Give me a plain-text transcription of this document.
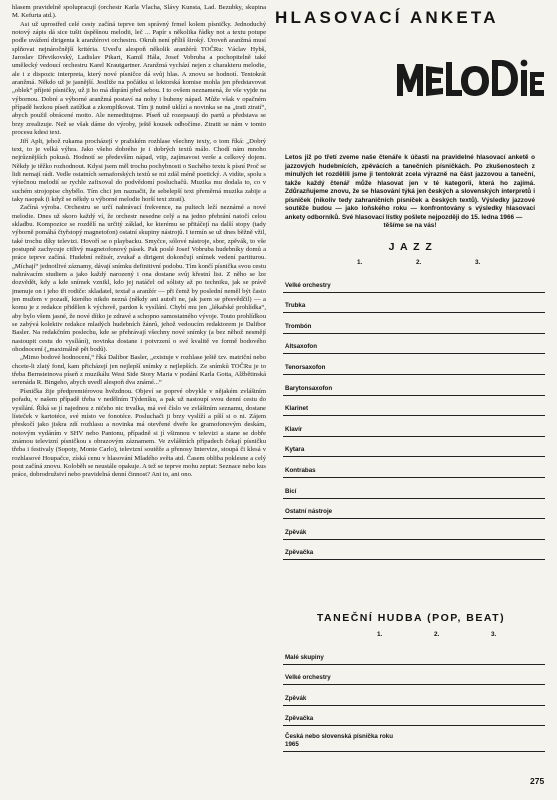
hlasem pravidelně spolupracují (orchestr Karla Vlacha, Slávy Kunsta, Lad. Bezubky, skupina M. Kefurta atd.).

Asi už uprostřed celé cesty začíná teprve ten správný frmel kolem písničky. Jednoduchý notový zápis dá sice tušit úspěšnou melodii, leč ... Papír s několika řádky not a textu potupe podle uvážení dirigenta k aranžérovi orchestru. Okruh není příliš široký. Úroveň aranžmá musí splňovat nejnáročnější kritéria. Uveďu alespoň několik aranžérů TOČRu: Václav Hybš, Jaroslav Dřevikovský, Ladislav Pikart, Kamil Hála, Josef Vobruba a pochopitelně také umělecký vedoucí orchestru Karel Krautgartner. Aranžmá vychází nejen z charakteru melodie, ale i z dispozic interpreta, který nové písničce dá svůj hlas. A znovu se hodnotí. Tentokrát aranžmá. Někdo už je jasnější. Jestliže na počátku si lektorská komise mohla jen představovat „oblek“ příjeté písničky, už ji ho má díqrání před sebou. I to ovšem neznamená, že vše vyjde na výbornou. Dobré a výborné aranžmá postaví na nohy i bubeny nápad. Může však v opačném případě hezkou píseň zatížkat a zkomplikovat. Tím ji nutně uklízí a novinka se na „trati ztratí“, abych použil obrácené motto. Ale nemeditujme. Píseň už rozepsaují do partů a představa se brzy zrealizuje. Než se však dáme do výroby, ještě kousek odbočíme. Ztratit se nám v tomto procesu kdesi text.

Jiří Aplt, jehož rukama procházejí v pražském rozhlase všechny texty, o tom říká: „Dobrý text, to je velká výhra. Jako všeho dobrého je i dobrých textů málo. Chodí nám mnoho nejrůznějších pokusů. Hodnotí se především nápad, vtip, zajímavost verše a celkový dojem. Někdy je těžko rozhodnout. Kdysi jsem měl trochu pochybnosti o Suchého textu k písní Proč se lidi nemají rádi. Vedle ostatních semaforských textů se mi zdál méně poetický. A vidíte, spolu s výtečnou melodií se rychle zafixoval do podvědomí posluchačů. Muzika mu dodala to, co v suchém strojopise chybělo. Tím chci jen naznačit, že sebelepší text přeměrná muzika zabije a taky naopak (i když se někdy u výborné melodie horší text ztratí).

Začíná výroba. Orchestru se určí nahrávací frekvence, na pultech leží neznámé a nové melodie. Dnes už skoro každý ví, že orchestr nesedne celý a na jedno přehrání natočí celou skladbu. Kompozice se rozdělí na určitý základ, ke kterému se přitáčejí na další stopy (tady výborně pomáhá čtyřstopý magnetofon) ostatní skupiny nástrojů. I termín se už dnes běžně vžil, také trochu díky televizi. Hovoří se o playbacku. Smyčce, sólové nástroje, sbor, zpěvák, to vše postupně zachycuje citlivý magnetofonový pásek. Pak poslé Josef Vobruba hudebníky domů a práce teprve začíná. Hudební režisér, zvukař a dirigent dokončují snímek vedení partiturou. „Míchají“ jednotlivé záznamy, dávají snímku definitivní podobu. Tím končí písnička svou cestu nahrávacím studiem a jako každý narozený i ona dostane svůj křestní list. Z něho se lze dozvědět, kdy a kde snímek vznikl, kdo jej natáčel od sólisty až po techniku, jak se právě jmenuje on i jeho tři rodiče: skladatel, textař a aranžér — při čemž by poslední neměl být často jen mužem v pozadí, kterého nikdo nezná (někdy ani autoři ne, jak jsem se přesvědčil) — a komu je z redakce přidělen k výchově, pardon k vysílání. Chybí mu jen „lékařské prohlídka“, aby bylo všem jasné, že nové dítko je zdravé a schopno samostatného vývoje. Touto prohlídkou se zabývá kolektiv redakce mladých hudebních žánrů, jehož vedoucím redaktorem je Dalibor Basler. Na redakčním poslechu, kde se přehrávají všechny nové snímky (a bez něhož nesmějí nastoupit cestu do vysílání), novinka dostane i potvrzení o své kvalitě ve formě bodového ohodnocení („maximálně pět bodů).

„Mimo bodové hodnocení,“ říká Dalibor Basler, „existuje v rozhlase ještě tzv. matriční nebo chcete-li zlatý fond, kam přicházejí jen nejlepší snímky z nejlepších. Ze snímků TOČRu je to třeba Bernsteinova píseň z muzikálu West Side Story Maria v podání Karla Gotta, Alžbětinská serenáda R. Bingeho, abych uvedl alespoň dva známé...“

Písnička žije předpremiérovou hvězdnou. Objeví se poprvé obvykle v nějakém zvláštním pořadu, v našem případě třeba v nedělním Týdeníku, a pak už nastoupí svou denní cestu do vysílání. Říká se jí najednou z ničeho nic trvalka, má své číslo ve zvláštním seznamu, dostane lísteček v kartotéce, své místo ve fonotéce. Posluchači ji brzy vyslíží a píší si o ni. Zájem přeskočí jako jiskra zdí rozhlasu a novinka má otevřené dveře ke gramofonovým deskám, notovým vydáním v SHV nebo Pantonu, případně si jí všimnou v televizi a stane se dobře známou televizní písničkou s obrazovým záznamem. Ve zvláštních případech čekají písničku třeba i festivaly (Sopoty, Monte Carlo), televizní soutěže a přenosy Intervize, stoupá či klesá v rozhlasové Houpačce, získá cenu v hlasování Mladého světa atd. Časem obliba poklesne a celý pout začíná znovu. Koloběh se neustále opakuje. A tež se teprve mohu zeptat: Seznace nebo kus práce, dobrodružství nebo pravidelná denní činnost? Ani to, ani ono.

HLASOVACÍ ANKETA
Letos již po třetí zveme naše čtenáře k účasti na pravidelné hlasovací anketě o jazzových hudebnících, zpěvácích a tanečních písničkách. Po zkušenostech z minulých let rozdělili jsme ji tentokrát zcela výrazně na část jazzovou a taneční, takže každý čtenář může hlasovat jen v té kategorii, která ho zajímá. Zdůrazňujeme znovu, že se hlasování týká jen českých a slovenských interpretů i písniček (nikoliv tedy zahraničních písniček a českých textů). Výsledky jazzové soutěže budou — jako loňského roku — konfrontovány s výsledky hlasovací ankety odborníků. Své hlasovací lístky pošlete nejpozději do 15. ledna 1966 —
těšíme se na vás!
J A Z Z
1.	2.	3.
Velké orchestry
Trubka
Trombón
Altsaxofon
Tenorsaxofon
Barytonsaxofon
Klarinet
Klavír
Kytara
Kontrabas
Bicí
Ostatní nástroje
Zpěvák
Zpěvačka
TANEČNÍ HUDBA (POP, BEAT)
1.	2.	3.
Malé skupiny
Velké orchestry
Zpěvák
Zpěvačka
Česká nebo slovenská písnička roku 1965
275
